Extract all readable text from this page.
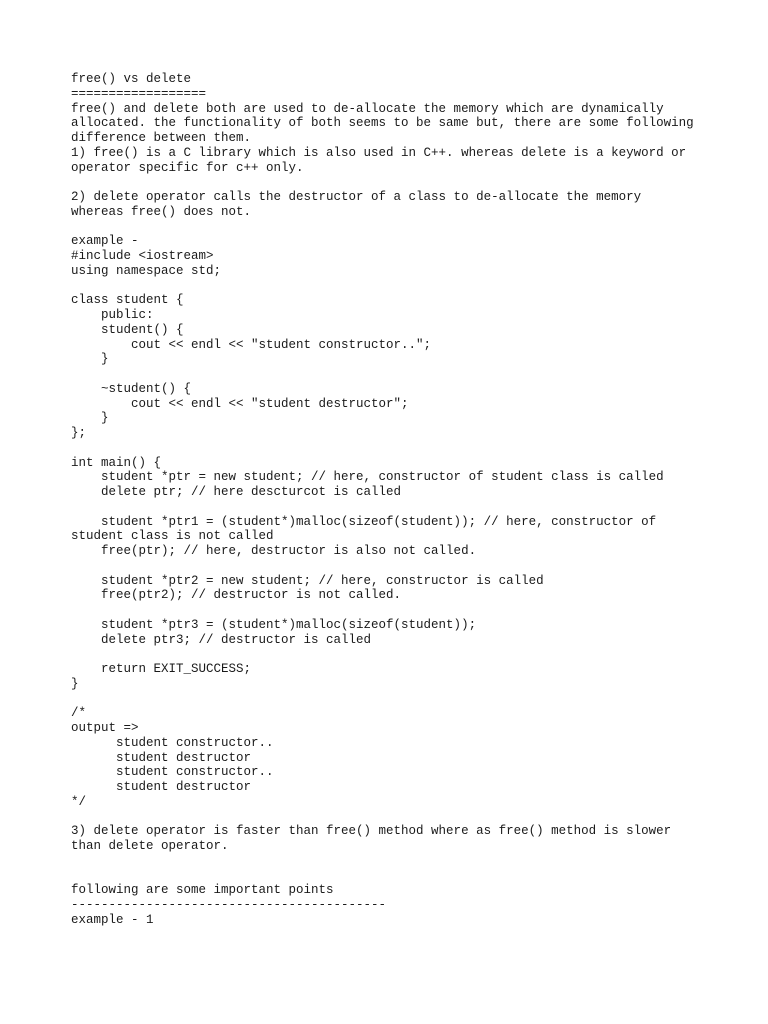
free() vs delete
==================
free() and delete both are used to de-allocate the memory which are dynamically
allocated. the functionality of both seems to be same but, there are some following
difference between them.
1) free() is a C library which is also used in C++. whereas delete is a keyword or
operator specific for c++ only.
2) delete operator calls the destructor of a class to de-allocate the memory
whereas free() does not.
example -
#include <iostream>
using namespace std;
class student {
public:
student() {
cout << endl << "student constructor..";
}
~student() {
cout << endl << "student destructor";
}
};
int main() {
student *ptr = new student; // here, constructor of student class is called
delete ptr; // here descturcot is called
student *ptr1 = (student*)malloc(sizeof(student)); // here, constructor of
student class is not called
free(ptr); // here, destructor is also not called.
student *ptr2 = new student; // here, constructor is called
free(ptr2); // destructor is not called.
student *ptr3 = (student*)malloc(sizeof(student));
delete ptr3; // destructor is called
return EXIT_SUCCESS;
}
/*
output =>
student constructor..
student destructor
student constructor..
student destructor
*/
3) delete operator is faster than free() method where as free() method is slower
than delete operator.
following are some important points
------------------------------------------
example - 1
